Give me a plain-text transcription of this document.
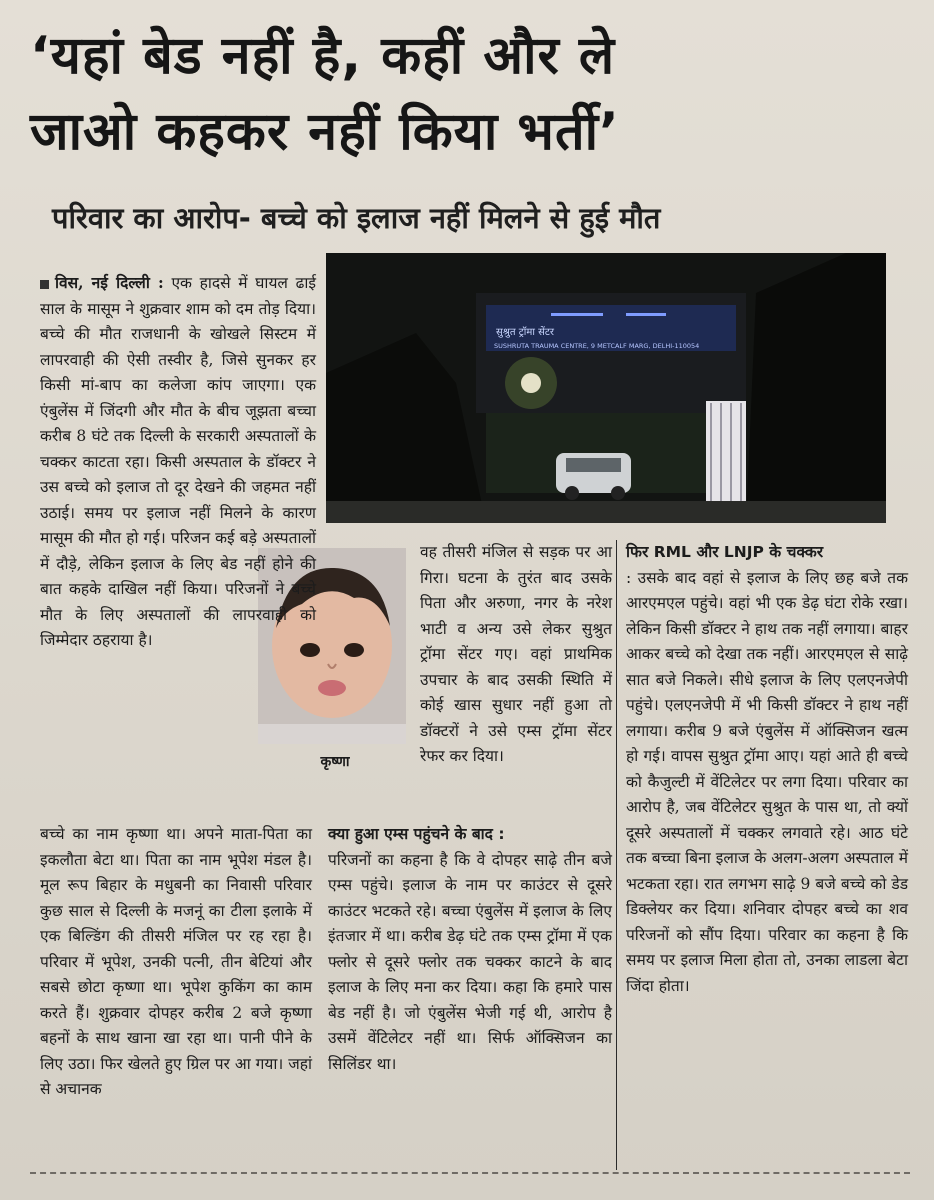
‘यहां बेड नहीं है, कहीं और ले
जाओ कहकर नहीं किया भर्ती’
परिवार का आरोप- बच्चे को इलाज नहीं मिलने से हुई मौत
सुश्रुत ट्रॉमा सेंटर
SUSHRUTA TRAUMA CENTRE, 9 METCALF MARG, DELHI-110054
कृष्णा

विस, नई दिल्ली : एक हादसे में घायल ढाई साल के मासूम ने शुक्रवार शाम को दम तोड़ दिया। बच्चे की मौत राजधानी के खोखले सिस्टम में लापरवाही की ऐसी तस्वीर है, जिसे सुनकर हर किसी मां-बाप का कलेजा कांप जाएगा। एक एंबुलेंस में जिंदगी और मौत के बीच जूझता बच्चा करीब 8 घंटे तक दिल्ली के सरकारी अस्पतालों के चक्कर काटता रहा। किसी अस्पताल के डॉक्टर ने उस बच्चे को इलाज तो दूर देखने की जहमत नहीं उठाई। समय पर इलाज नहीं मिलने के कारण मासूम की मौत हो गई। परिजन कई बड़े अस्पतालों में दौड़े, लेकिन इलाज के लिए बेड नहीं होने की बात कहके दाखिल नहीं किया। परिजनों ने बच्चे मौत के लिए अस्पतालों की लापरवाही को जिम्मेदार ठहराया है।

बच्चे का नाम कृष्णा था। अपने माता-पिता का इकलौता बेटा था। पिता का नाम भूपेश मंडल है। मूल रूप बिहार के मधुबनी का निवासी परिवार कुछ साल से दिल्ली के मजनूं का टीला इलाके में एक बिल्डिंग की तीसरी मंजिल पर रह रहा है। परिवार में भूपेश, उनकी पत्नी, तीन बेटियां और सबसे छोटा कृष्णा था। भूपेश कुकिंग का काम करते हैं। शुक्रवार दोपहर करीब 2 बजे कृष्णा बहनों के साथ खाना खा रहा था। पानी पीने के लिए उठा। फिर खेलते हुए ग्रिल पर आ गया। जहां से अचानक

वह तीसरी मंजिल से सड़क पर आ गिरा। घटना के तुरंत बाद उसके पिता और अरुणा, नगर के नरेश भाटी व अन्य उसे लेकर सुश्रुत ट्रॉमा सेंटर गए। वहां प्राथमिक उपचार के बाद उसकी स्थिति में कोई खास सुधार नहीं हुआ तो डॉक्टरों ने उसे एम्स ट्रॉमा सेंटर रेफर कर दिया।

क्या हुआ एम्स पहुंचने के बाद :

परिजनों का कहना है कि वे दोपहर साढ़े तीन बजे एम्स पहुंचे। इलाज के नाम पर काउंटर से दूसरे काउंटर भटकते रहे। बच्चा एंबुलेंस में इलाज के लिए इंतजार में था। करीब डेढ़ घंटे तक एम्स ट्रॉमा में एक फ्लोर से दूसरे फ्लोर तक चक्कर काटने के बाद इलाज के लिए मना कर दिया। कहा कि हमारे पास बेड नहीं है। जो एंबुलेंस भेजी गई थी, आरोप है उसमें वेंटिलेटर नहीं था। सिर्फ ऑक्सिजन का सिलिंडर था।

फिर RML और LNJP के चक्कर

: उसके बाद वहां से इलाज के लिए छह बजे तक आरएमएल पहुंचे। वहां भी एक डेढ़ घंटा रोके रखा। लेकिन किसी डॉक्टर ने हाथ तक नहीं लगाया। बाहर आकर बच्चे को देखा तक नहीं। आरएमएल से साढ़े सात बजे निकले। सीधे इलाज के लिए एलएनजेपी पहुंचे। एलएनजेपी में भी किसी डॉक्टर ने हाथ नहीं लगाया। करीब 9 बजे एंबुलेंस में ऑक्सिजन खत्म हो गई। वापस सुश्रुत ट्रॉमा आए। यहां आते ही बच्चे को कैजुल्टी में वेंटिलेटर पर लगा दिया। परिवार का आरोप है, जब वेंटिलेटर सुश्रुत के पास था, तो क्यों दूसरे अस्पतालों में चक्कर लगवाते रहे। आठ घंटे तक बच्चा बिना इलाज के अलग-अलग अस्पताल में भटकता रहा। रात लगभग साढ़े 9 बजे बच्चे को डेड डिक्लेयर कर दिया। शनिवार दोपहर बच्चे का शव परिजनों को सौंप दिया। परिवार का कहना है कि समय पर इलाज मिला होता तो, उनका लाडला बेटा जिंदा होता।
